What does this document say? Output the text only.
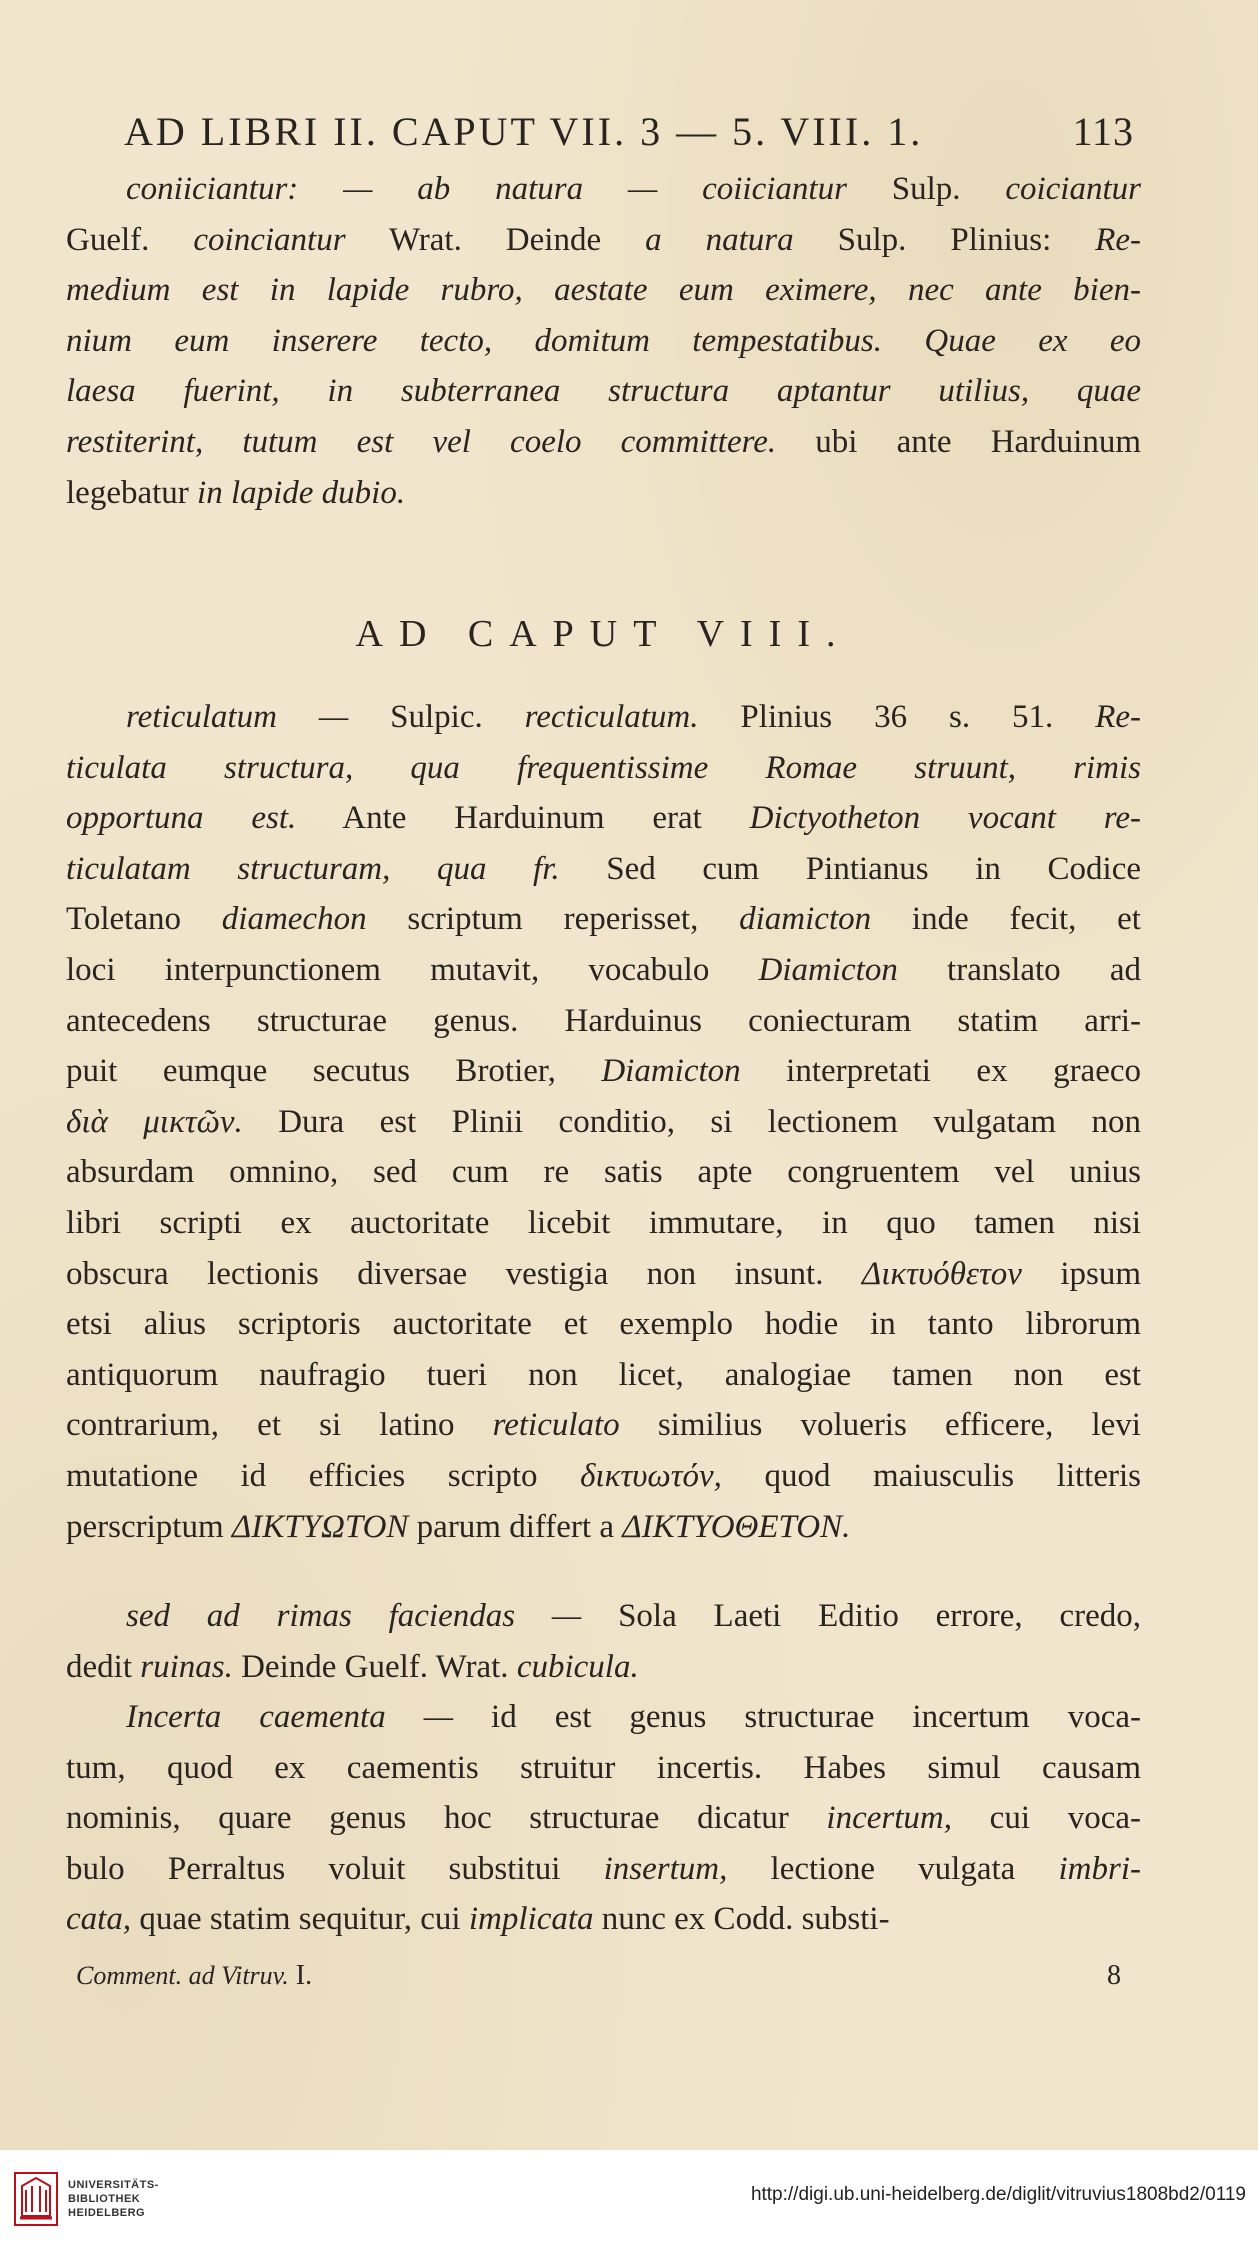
AD LIBRI II. CAPUT VII. 3 — 5. VIII. 1.	113
coniiciantur: — ab natura — coiiciantur Sulp. coiciantur
Guelf. coinciantur Wrat. Deinde a natura Sulp. Plinius: Re-
medium est in lapide rubro, aestate eum eximere, nec ante bien-
nium eum inserere tecto, domitum tempestatibus. Quae ex eo
laesa fuerint, in subterranea structura aptantur utilius, quae
restiterint, tutum est vel coelo committere. ubi ante Harduinum
legebatur in lapide dubio.
AD CAPUT VIII.
reticulatum — Sulpic. recticulatum. Plinius 36 s. 51. Re-
ticulata structura, qua frequentissime Romae struunt, rimis
opportuna est. Ante Harduinum erat Dictyotheton vocant re-
ticulatam structuram, qua fr. Sed cum Pintianus in Codice
Toletano diamechon scriptum reperisset, diamicton inde fecit, et
loci interpunctionem mutavit, vocabulo Diamicton translato ad
antecedens structurae genus. Harduinus coniecturam statim arri-
puit eumque secutus Brotier, Diamicton interpretati ex graeco
διὰ μικτῶν. Dura est Plinii conditio, si lectionem vulgatam non
absurdam omnino, sed cum re satis apte congruentem vel unius
libri scripti ex auctoritate licebit immutare, in quo tamen nisi
obscura lectionis diversae vestigia non insunt. Δικτυόθετον ipsum
etsi alius scriptoris auctoritate et exemplo hodie in tanto librorum
antiquorum naufragio tueri non licet, analogiae tamen non est
contrarium, et si latino reticulato similius volueris efficere, levi
mutatione id efficies scripto δικτυωτόν, quod maiusculis litteris
perscriptum ΔΙΚΤΥΩΤΟΝ parum differt a ΔΙΚΤΥΟΘΕΤΟΝ.
sed ad rimas faciendas — Sola Laeti Editio errore, credo,
dedit ruinas. Deinde Guelf. Wrat. cubicula.
Incerta caementa — id est genus structurae incertum voca-
tum, quod ex caementis struitur incertis. Habes simul causam
nominis, quare genus hoc structurae dicatur incertum, cui voca-
bulo Perraltus voluit substitui insertum, lectione vulgata imbri-
cata, quae statim sequitur, cui implicata nunc ex Codd. substi-
Comment. ad Vitruv. I.	8
UNIVERSITÄTS-
BIBLIOTHEK
HEIDELBERG
http://digi.ub.uni-heidelberg.de/diglit/vitruvius1808bd2/0119
